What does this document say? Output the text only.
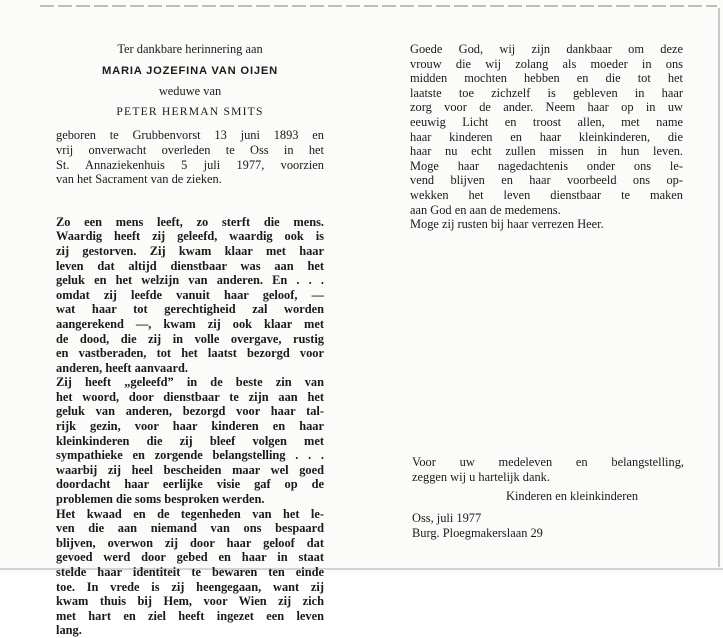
Ter dankbare herinnering aan

MARIA JOZEFINA VAN OIJEN

weduwe van

PETER HERMAN SMITS

geboren te Grubbenvorst 13 juni 1893 en
vrij onverwacht overleden te Oss in het
St. Annaziekenhuis 5 juli 1977, voorzien
van het Sacrament van de zieken.
Zo een mens leeft, zo sterft die mens.
Waardig heeft zij geleefd, waardig ook is
zij gestorven. Zij kwam klaar met haar
leven dat altijd dienstbaar was aan het
geluk en het welzijn van anderen. En . . .
omdat zij leefde vanuit haar geloof, —
wat haar tot gerechtigheid zal worden
aangerekend —, kwam zij ook klaar met
de dood, die zij in volle overgave, rustig
en vastberaden, tot het laatst bezorgd voor
anderen, heeft aanvaard.
Zij heeft „geleefd” in de beste zin van
het woord, door dienstbaar te zijn aan het
geluk van anderen, bezorgd voor haar tal-
rijk gezin, voor haar kinderen en haar
kleinkinderen die zij bleef volgen met
sympathieke en zorgende belangstelling . . .
waarbij zij heel bescheiden maar wel goed
doordacht haar eerlijke visie gaf op de
problemen die soms besproken werden.
Het kwaad en de tegenheden van het le-
ven die aan niemand van ons bespaard
blijven, overwon zij door haar geloof dat
gevoed werd door gebed en haar in staat
stelde haar identiteit te bewaren ten einde
toe. In vrede is zij heengegaan, want zij
kwam thuis bij Hem, voor Wien zij zich
met hart en ziel heeft ingezet een leven
lang.
Goede God, wij zijn dankbaar om deze
vrouw die wij zolang als moeder in ons
midden mochten hebben en die tot het
laatste toe zichzelf is gebleven in haar
zorg voor de ander. Neem haar op in uw
eeuwig Licht en troost allen, met name
haar kinderen en haar kleinkinderen, die
haar nu echt zullen missen in hun leven.
Moge haar nagedachtenis onder ons le-
vend blijven en haar voorbeeld ons op-
wekken het leven dienstbaar te maken
aan God en aan de medemens.
Moge zij rusten bij haar verrezen Heer.
Voor uw medeleven en belangstelling,
zeggen wij u hartelijk dank.

Kinderen en kleinkinderen

Oss, juli 1977
Burg. Ploegmakerslaan 29
